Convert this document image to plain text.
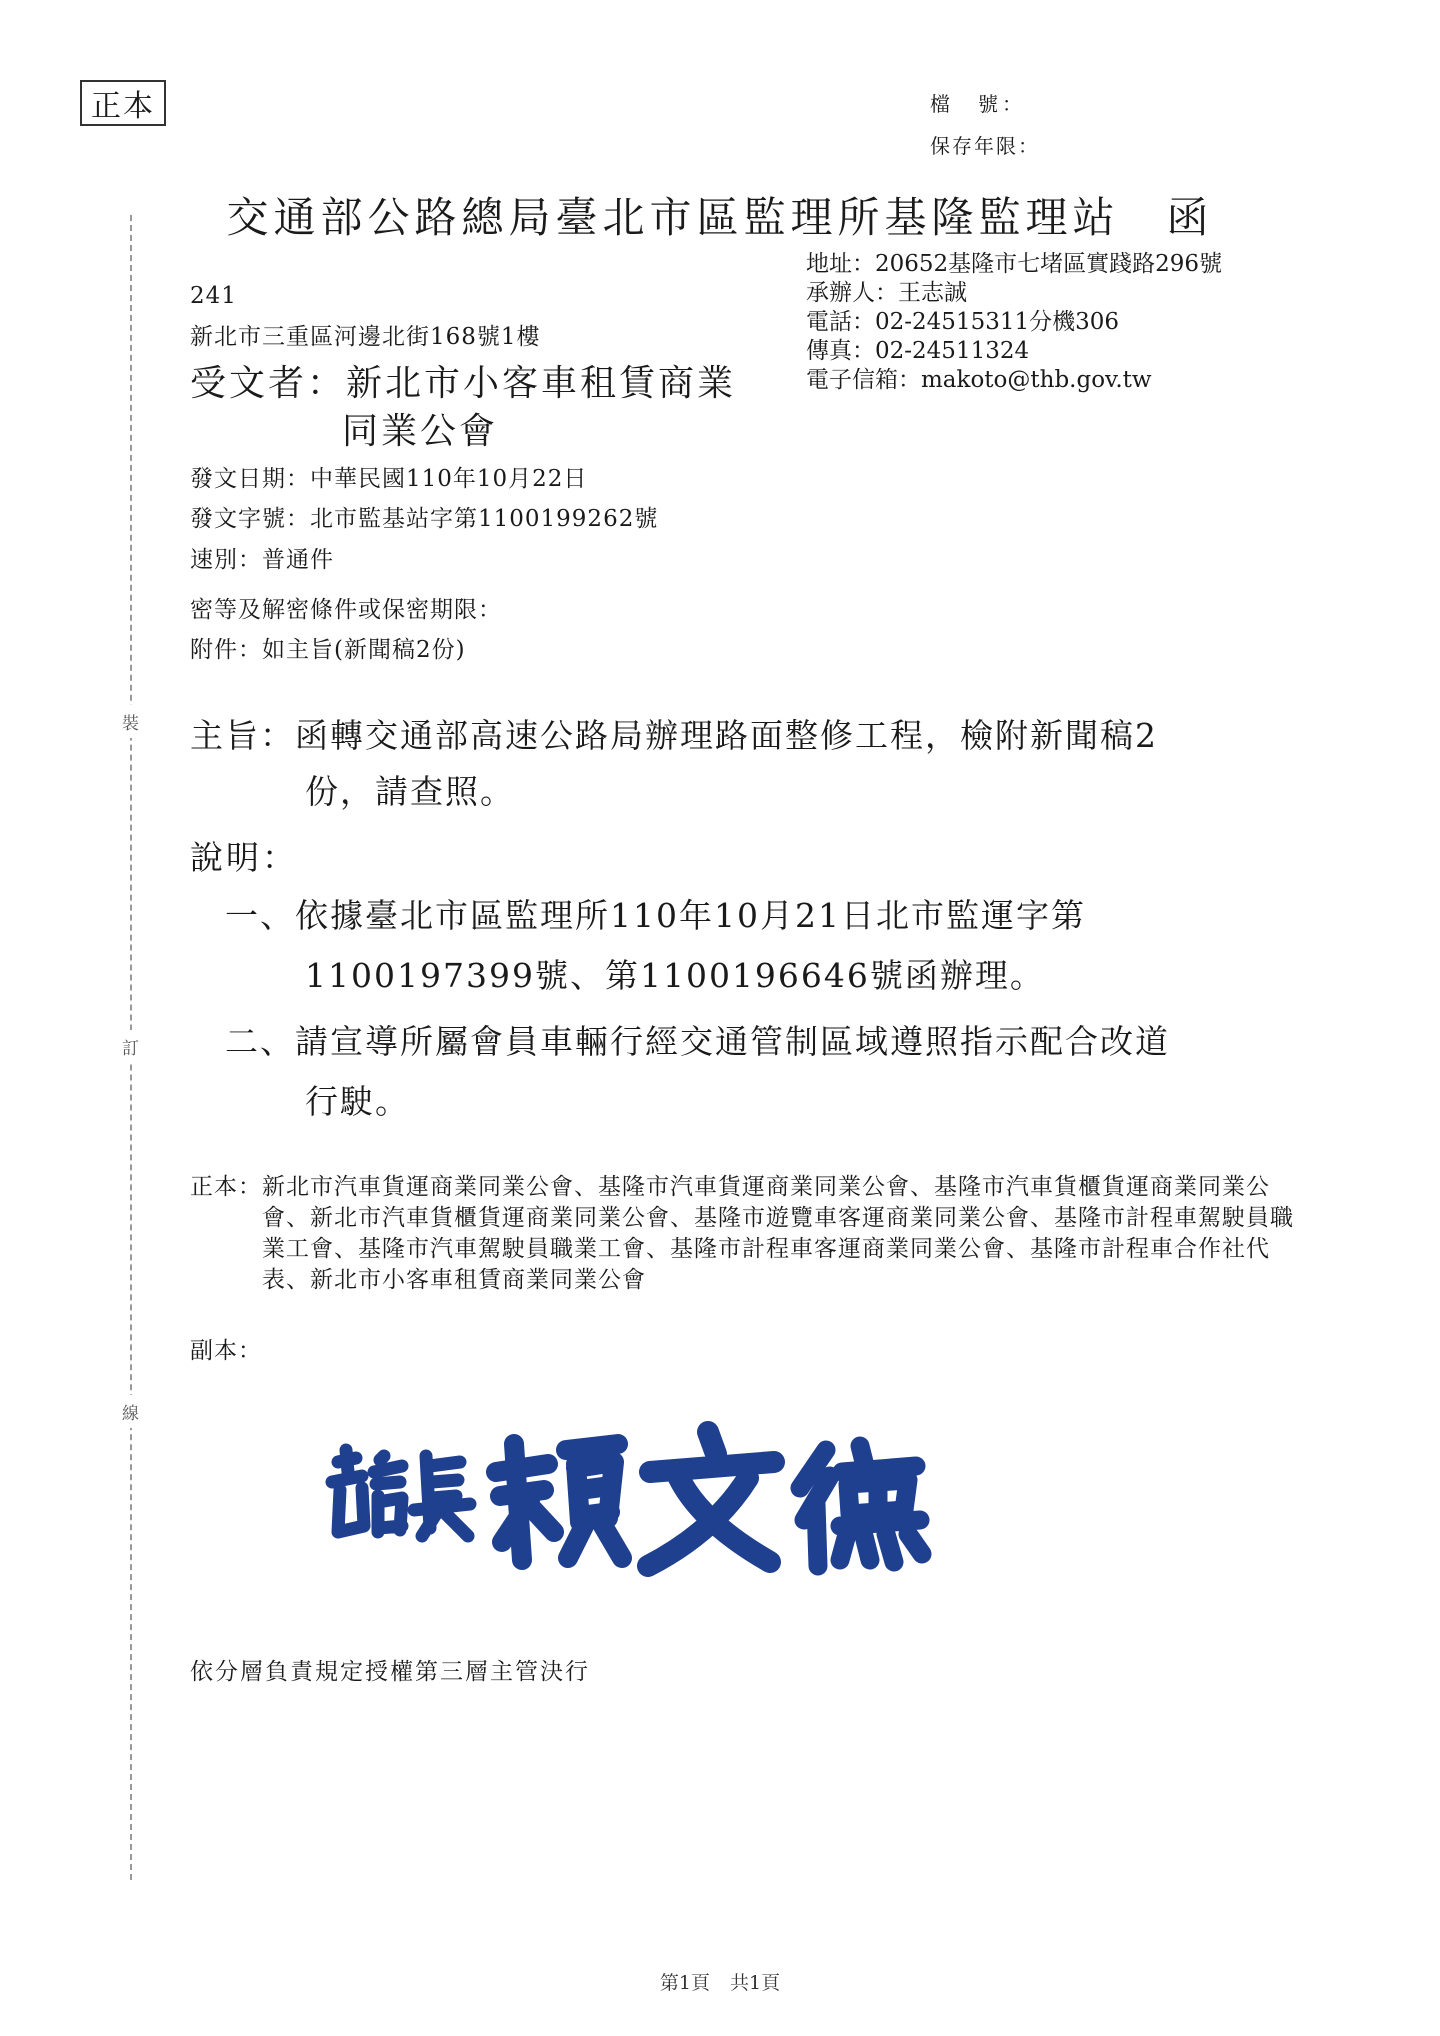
裝
訂
線
正本	檔　號：
保存年限：
交通部公路總局臺北市區監理所基隆監理站　函
地址：20652基隆市七堵區實踐路296號
承辦人：王志誠
電話：02-24515311分機306
傳真：02-24511324
電子信箱：makoto@thb.gov.tw
241
新北市三重區河邊北街168號1樓
受文者：新北市小客車租賃商業
同業公會
發文日期：中華民國110年10月22日
發文字號：北市監基站字第1100199262號
速別：普通件
密等及解密條件或保密期限：
附件：如主旨(新聞稿2份)
主旨：函轉交通部高速公路局辦理路面整修工程，檢附新聞稿2
份，請查照。
說明：
一、依據臺北市區監理所110年10月21日北市監運字第
1100197399號、第1100196646號函辦理。
二、請宣導所屬會員車輛行經交通管制區域遵照指示配合改道
行駛。
正本：新北市汽車貨運商業同業公會、基隆市汽車貨運商業同業公會、基隆市汽車貨櫃貨運商業同業公會、新北市汽車貨櫃貨運商業同業公會、基隆市遊覽車客運商業同業公會、基隆市計程車駕駛員職業工會、基隆市汽車駕駛員職業工會、基隆市計程車客運商業同業公會、基隆市計程車合作社代表、新北市小客車租賃商業同業公會
副本：
依分層負責規定授權第三層主管決行
第1頁 共1頁
